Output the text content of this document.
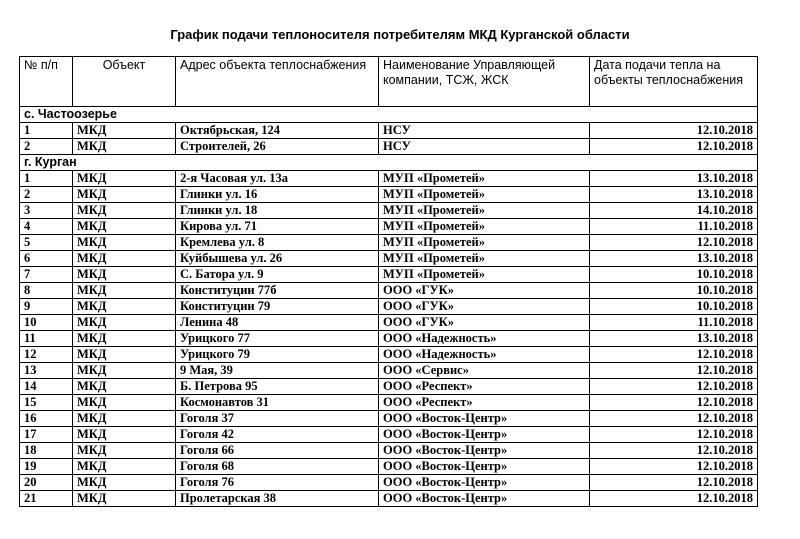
График подачи теплоносителя потребителям МКД Курганской области
№ п/п	Объект	Адрес объекта теплоснабжения	Наименование Управляющей компании, ТСЖ, ЖСК	Дата подачи тепла на объекты теплоснабжения
с. Частоозерье				
1	МКД	Октябрьская, 124	НСУ	12.10.2018
2	МКД	Строителей, 26	НСУ	12.10.2018
г. Курган				
1	МКД	2-я Часовая ул. 13а	МУП «Прометей»	13.10.2018
2	МКД	Глинки ул. 16	МУП «Прометей»	13.10.2018
3	МКД	Глинки ул. 18	МУП «Прометей»	14.10.2018
4	МКД	Кирова ул. 71	МУП «Прометей»	11.10.2018
5	МКД	Кремлева ул. 8	МУП «Прометей»	12.10.2018
6	МКД	Куйбышева ул. 26	МУП «Прометей»	13.10.2018
7	МКД	С. Батора ул. 9	МУП «Прометей»	10.10.2018
8	МКД	Конституции 77б	ООО «ГУК»	10.10.2018
9	МКД	Конституции 79	ООО «ГУК»	10.10.2018
10	МКД	Ленина 48	ООО «ГУК»	11.10.2018
11	МКД	Урицкого 77	ООО «Надежность»	13.10.2018
12	МКД	Урицкого 79	ООО «Надежность»	12.10.2018
13	МКД	9 Мая, 39	ООО «Сервис»	12.10.2018
14	МКД	Б. Петрова 95	ООО «Респект»	12.10.2018
15	МКД	Космонавтов 31	ООО «Респект»	12.10.2018
16	МКД	Гоголя 37	ООО «Восток-Центр»	12.10.2018
17	МКД	Гоголя 42	ООО «Восток-Центр»	12.10.2018
18	МКД	Гоголя 66	ООО «Восток-Центр»	12.10.2018
19	МКД	Гоголя 68	ООО «Восток-Центр»	12.10.2018
20	МКД	Гоголя 76	ООО «Восток-Центр»	12.10.2018
21	МКД	Пролетарская 38	ООО «Восток-Центр»	12.10.2018
